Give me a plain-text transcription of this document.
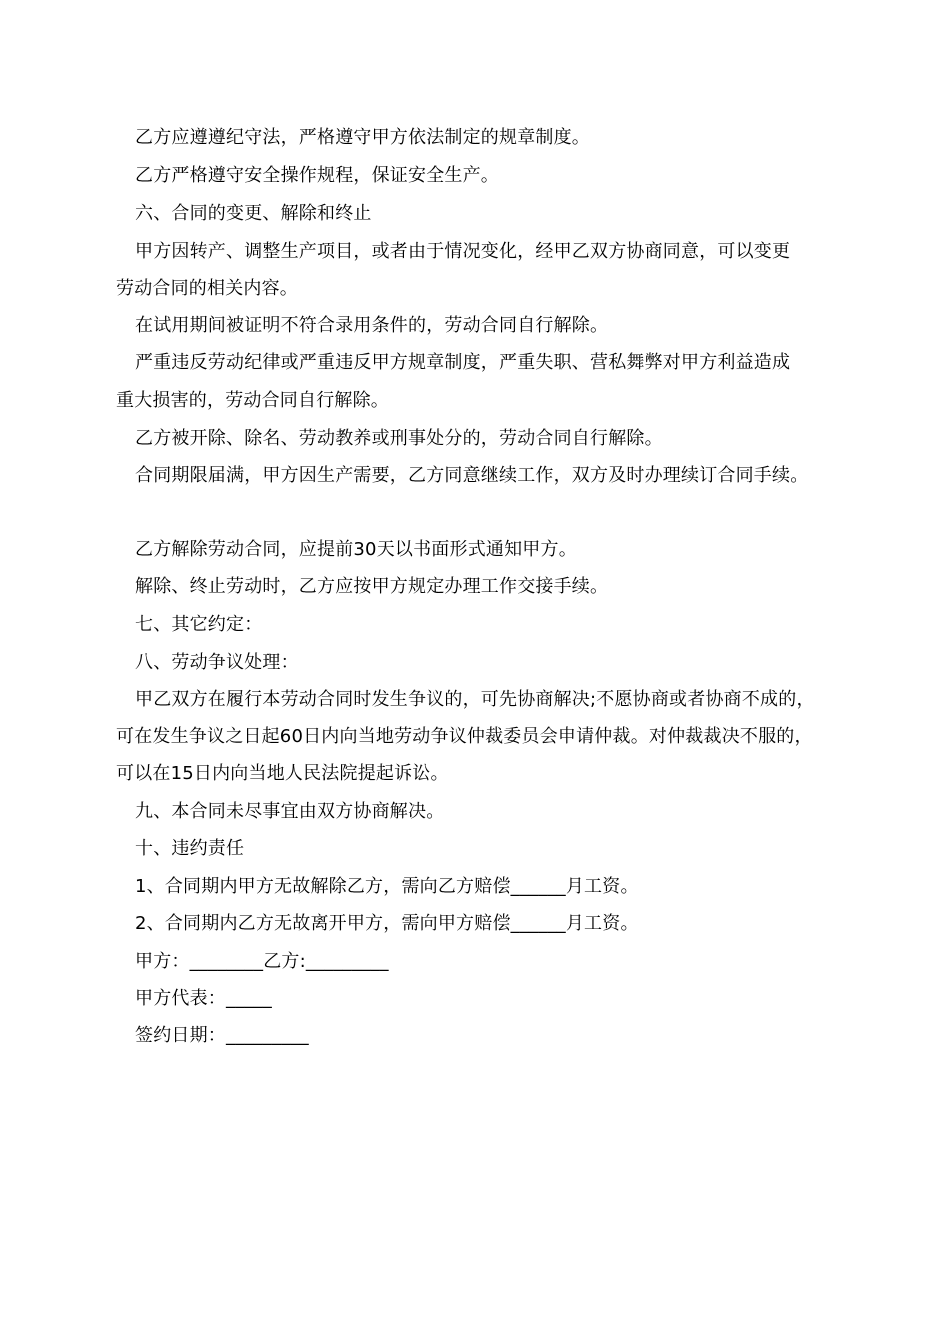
乙方应遵遵纪守法，严格遵守甲方依法制定的规章制度。
乙方严格遵守安全操作规程，保证安全生产。
六、合同的变更、解除和终止
甲方因转产、调整生产项目，或者由于情况变化，经甲乙双方协商同意，可以变更
劳动合同的相关内容。
在试用期间被证明不符合录用条件的，劳动合同自行解除。
严重违反劳动纪律或严重违反甲方规章制度，严重失职、营私舞弊对甲方利益造成
重大损害的，劳动合同自行解除。
乙方被开除、除名、劳动教养或刑事处分的，劳动合同自行解除。
合同期限届满，甲方因生产需要，乙方同意继续工作，双方及时办理续订合同手续。
乙方解除劳动合同，应提前30天以书面形式通知甲方。
解除、终止劳动时，乙方应按甲方规定办理工作交接手续。
七、其它约定：
八、劳动争议处理：
甲乙双方在履行本劳动合同时发生争议的，可先协商解决;不愿协商或者协商不成的，
可在发生争议之日起60日内向当地劳动争议仲裁委员会申请仲裁。对仲裁裁决不服的，
可以在15日内向当地人民法院提起诉讼。
九、本合同未尽事宜由双方协商解决。
十、违约责任
1、合同期内甲方无故解除乙方，需向乙方赔偿______月工资。
2、合同期内乙方无故离开甲方，需向甲方赔偿______月工资。
甲方：________乙方:_________
甲方代表：_____
签约日期：_________
